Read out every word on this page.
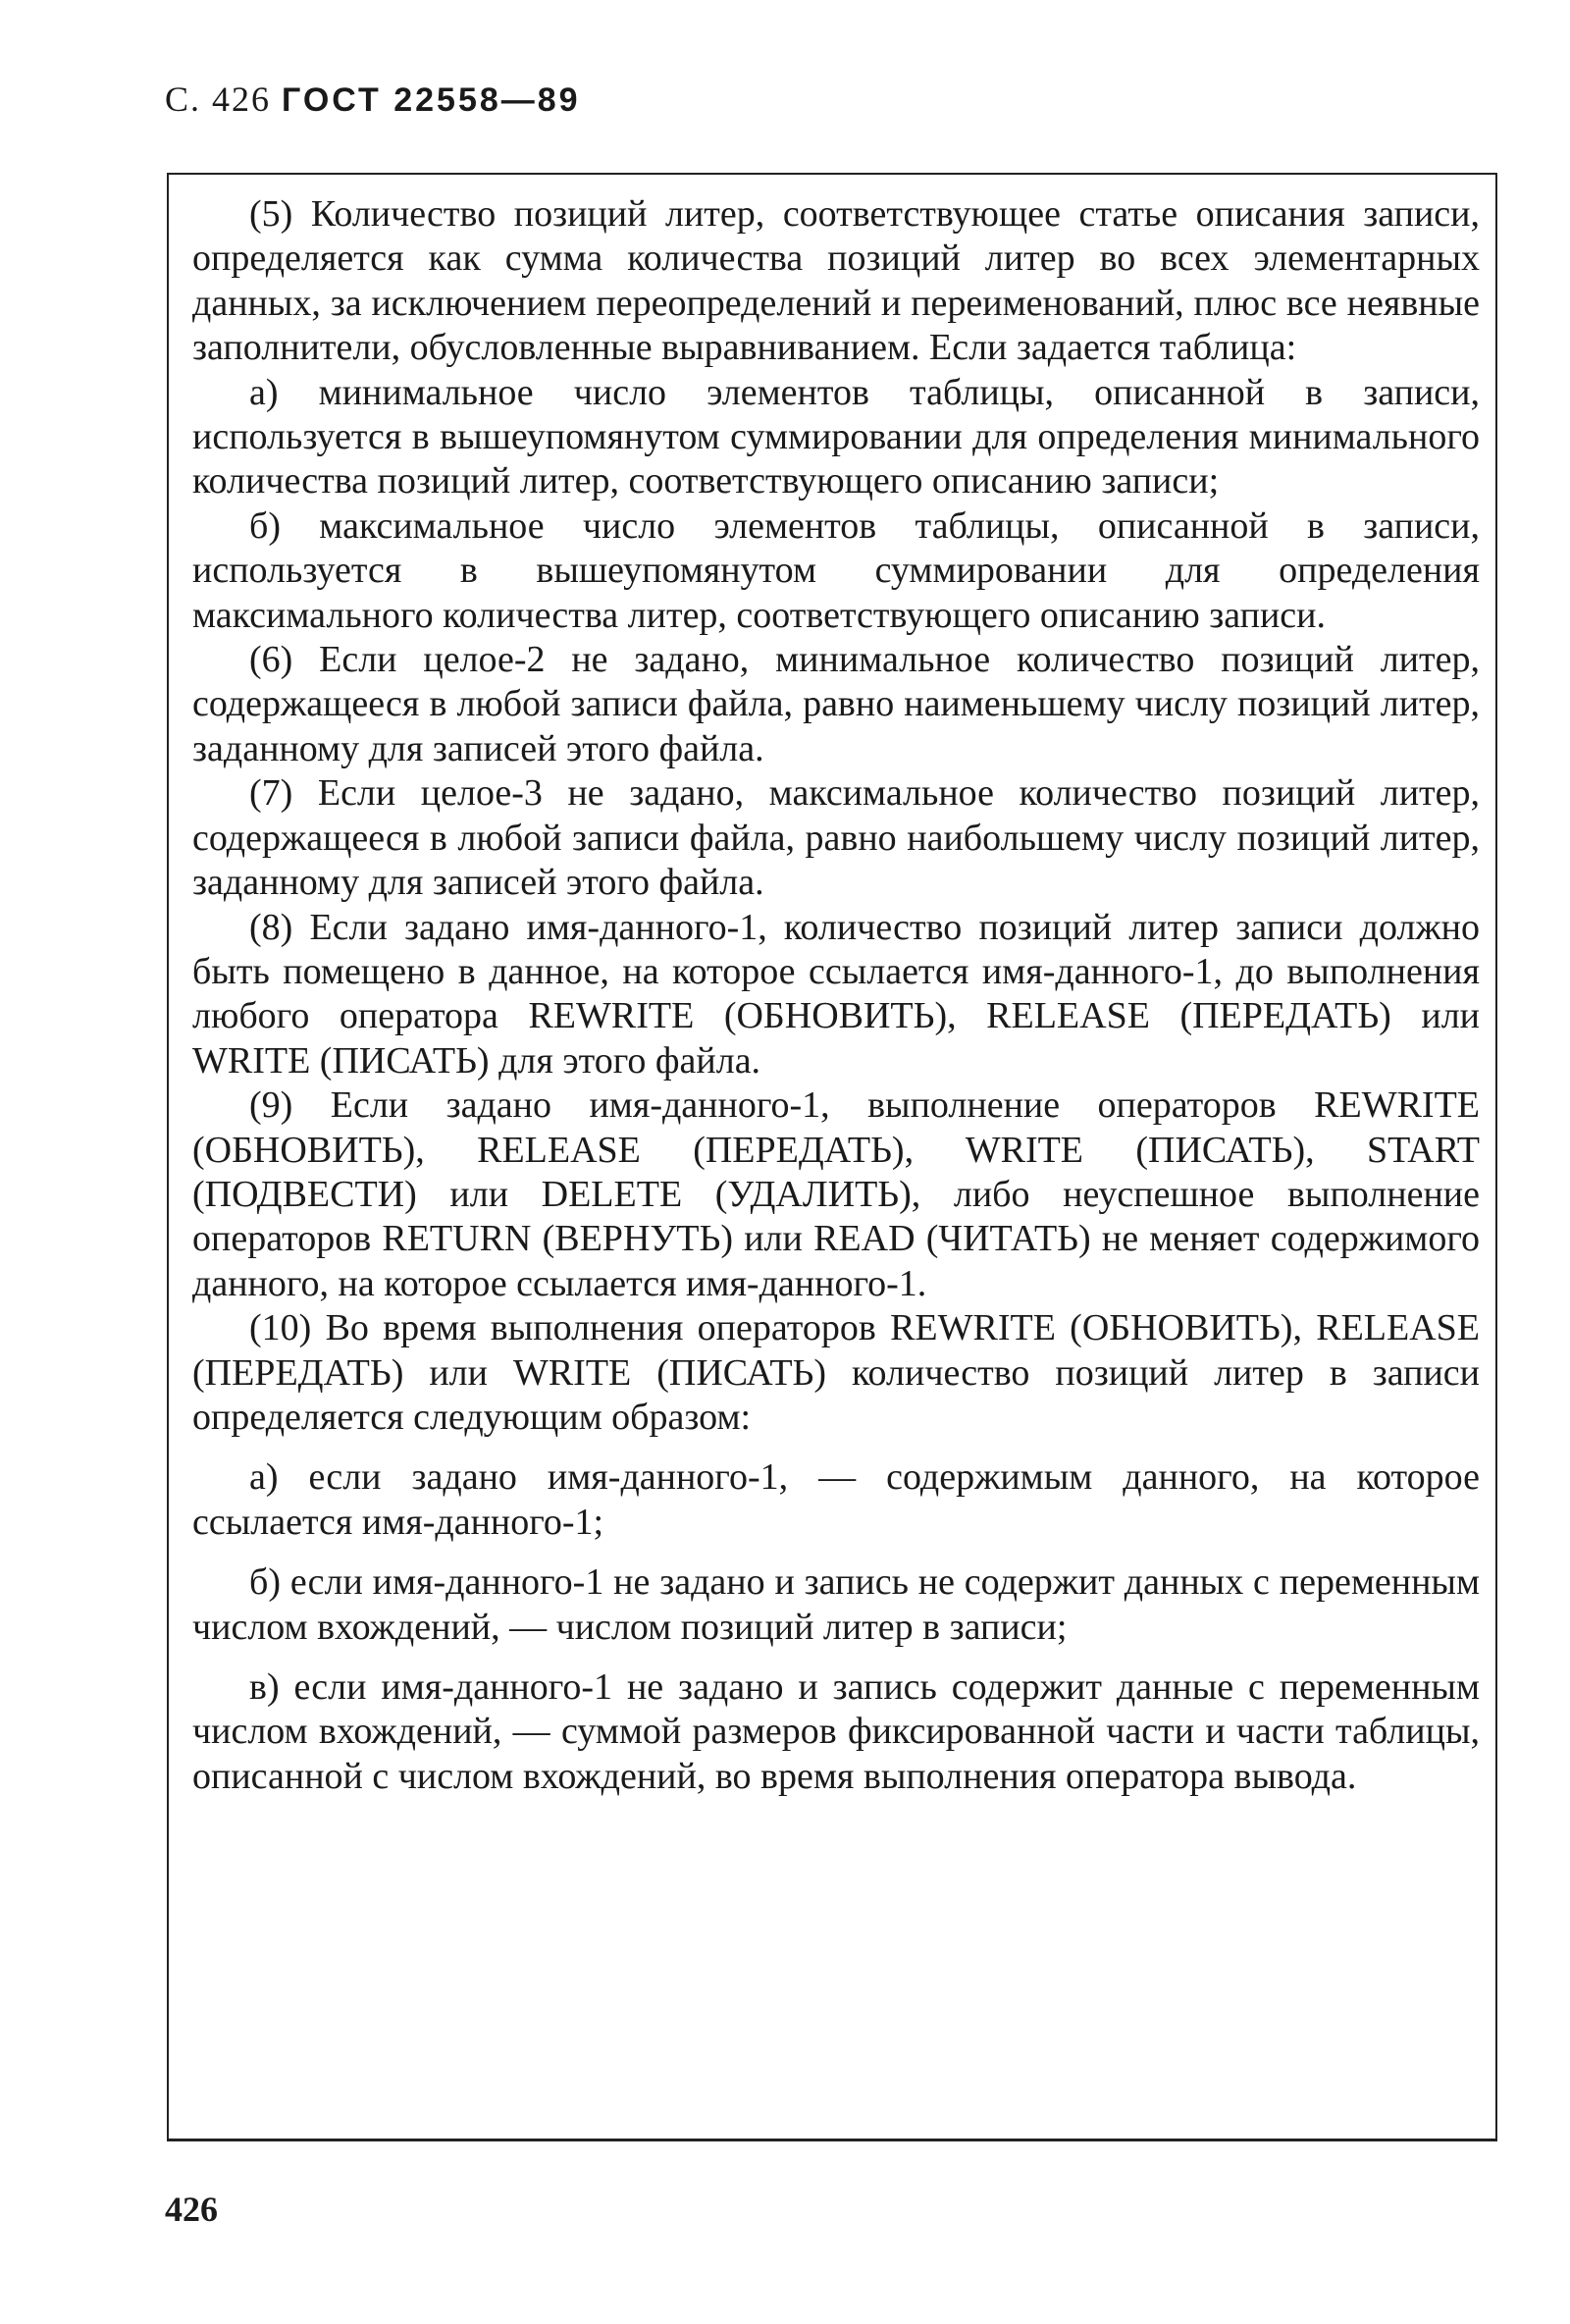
С. 426 ГОСТ 22558—89

(5) Количество позиций литер, соответствующее статье описания записи, определяется как сумма количества позиций литер во всех элементарных данных, за исключением переопределений и переименований, плюс все неявные заполнители, обусловленные выравниванием. Если задается таблица:

а) минимальное число элементов таблицы, описанной в записи, используется в вышеупомянутом суммировании для определения минимального количества позиций литер, соответствующего описанию записи;

б) максимальное число элементов таблицы, описанной в записи, используется в вышеупомянутом суммировании для определения максимального количества литер, соответствующего описанию записи.

(6) Если целое-2 не задано, минимальное количество позиций литер, содержащееся в любой записи файла, равно наименьшему числу позиций литер, заданному для записей этого файла.

(7) Если целое-3 не задано, максимальное количество позиций литер, содержащееся в любой записи файла, равно наибольшему числу позиций литер, заданному для записей этого файла.

(8) Если задано имя-данного-1, количество позиций литер записи должно быть помещено в данное, на которое ссылается имя-данного-1, до выполнения любого оператора REWRITE (ОБНОВИТЬ), RELEASE (ПЕРЕДАТЬ) или WRITE (ПИСАТЬ) для этого файла.

(9) Если задано имя-данного-1, выполнение операторов REWRITE (ОБНОВИТЬ), RELEASE (ПЕРЕДАТЬ), WRITE (ПИСАТЬ), START (ПОДВЕСТИ) или DELETE (УДАЛИТЬ), либо неуспешное выполнение операторов RETURN (ВЕРНУТЬ) или READ (ЧИТАТЬ) не меняет содержимого данного, на которое ссылается имя-данного-1.

(10) Во время выполнения операторов REWRITE (ОБНОВИТЬ), RELEASE (ПЕРЕДАТЬ) или WRITE (ПИСАТЬ) количество позиций литер в записи определяется следующим образом:

а) если задано имя-данного-1, — содержимым данного, на которое ссылается имя-данного-1;

б) если имя-данного-1 не задано и запись не содержит данных с переменным числом вхождений, — числом позиций литер в записи;

в) если имя-данного-1 не задано и запись содержит данные с переменным числом вхождений, — суммой размеров фиксированной части и части таблицы, описанной с числом вхождений, во время выполнения оператора вывода.

426
